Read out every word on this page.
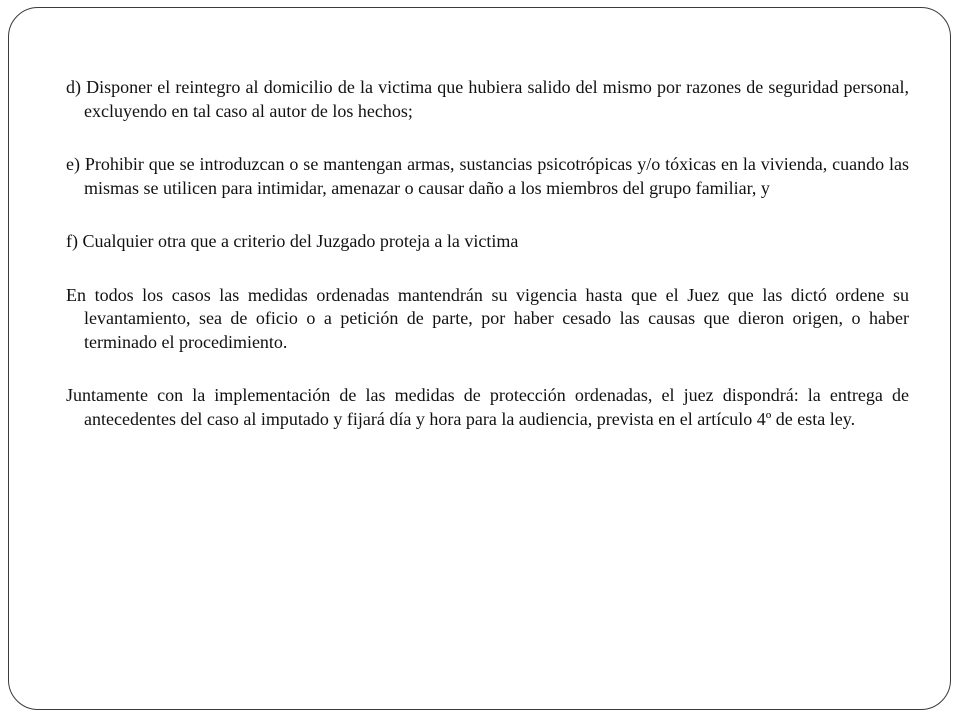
d) Disponer el reintegro al domicilio de la victima que hubiera salido del mismo por razones de seguridad personal, excluyendo en tal caso al autor de los hechos;

e) Prohibir que se introduzcan o se mantengan armas, sustancias psicotrópicas y/o tóxicas en la vivienda, cuando las mismas se utilicen para intimidar, amenazar o causar daño a los miembros del grupo familiar, y

f) Cualquier otra que a criterio del Juzgado proteja a la victima

En todos los casos las medidas ordenadas mantendrán su vigencia hasta que el Juez que las dictó ordene su levantamiento, sea de oficio o a petición de parte, por haber cesado las causas que dieron origen, o haber terminado el procedimiento.

Juntamente con la implementación de las medidas de protección ordenadas, el juez dispondrá: la entrega de antecedentes del caso al imputado y fijará día y hora para la audiencia, prevista en el artículo 4º de esta ley.
